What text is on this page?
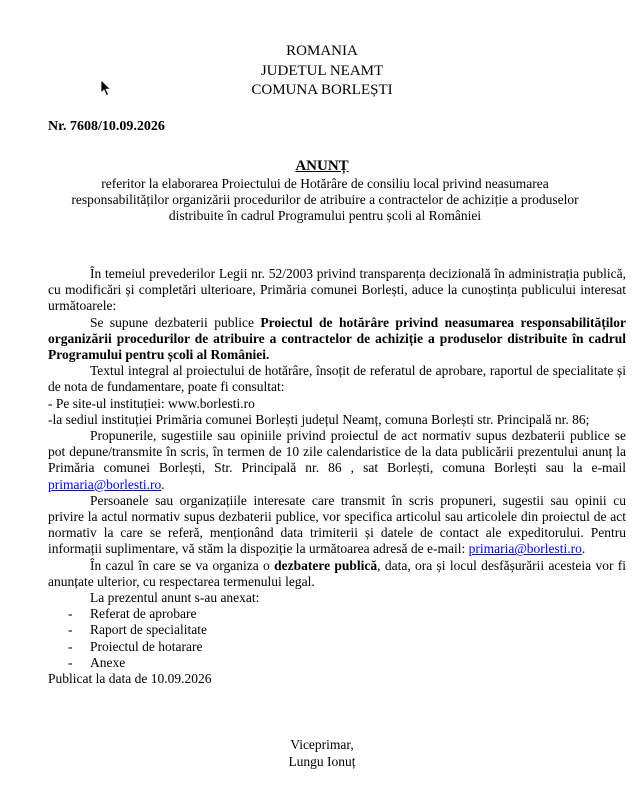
ROMANIA
JUDETUL NEAMT
COMUNA BORLEȘTI
Nr. 7608/10.09.2026
ANUNȚ
referitor la elaborarea Proiectului de Hotărâre de consiliu local privind neasumarea responsabilităților organizării procedurilor de atribuire a contractelor de achiziție a produselor distribuite în cadrul Programului pentru școli al României

În temeiul prevederilor Legii nr. 52/2003 privind transparența decizională în administrația publică, cu modificări și completări ulterioare, Primăria comunei Borlești, aduce la cunoștința publicului interesat următoarele:

Se supune dezbaterii publice Proiectul de hotărâre privind neasumarea responsabilităților organizării procedurilor de atribuire a contractelor de achiziție a produselor distribuite în cadrul Programului pentru școli al României.

Textul integral al proiectului de hotărâre, însoțit de referatul de aprobare, raportul de specialitate și de nota de fundamentare, poate fi consultat:

- Pe site-ul instituției: www.borlesti.ro

-la sediul instituției Primăria comunei Borlești județul Neamț, comuna Borlești str. Principală nr. 86;

Propunerile, sugestiile sau opiniile privind proiectul de act normativ supus dezbaterii publice se pot depune/transmite în scris, în termen de 10 zile calendaristice de la data publicării prezentului anunț la Primăria comunei Borlești, Str. Principală nr. 86 , sat Borlești, comuna Borlești sau la e-mail primaria@borlesti.ro.

Persoanele sau organizațiile interesate care transmit în scris propuneri, sugestii sau opinii cu privire la actul normativ supus dezbaterii publice, vor specifica articolul sau articolele din proiectul de act normativ la care se referă, menționând data trimiterii și datele de contact ale expeditorului. Pentru informații suplimentare, vă stăm la dispoziție la următoarea adresă de e-mail: primaria@borlesti.ro.

În cazul în care se va organiza o dezbatere publică, data, ora și locul desfășurării acesteia vor fi anunțate ulterior, cu respectarea termenului legal.

La prezentul anunt s-au anexat:

-	Referat de aprobare
-	Raport de specialitate
-	Proiectul de hotarare
-	Anexe

Publicat la data de 10.09.2026

Viceprimar,
Lungu Ionuț
